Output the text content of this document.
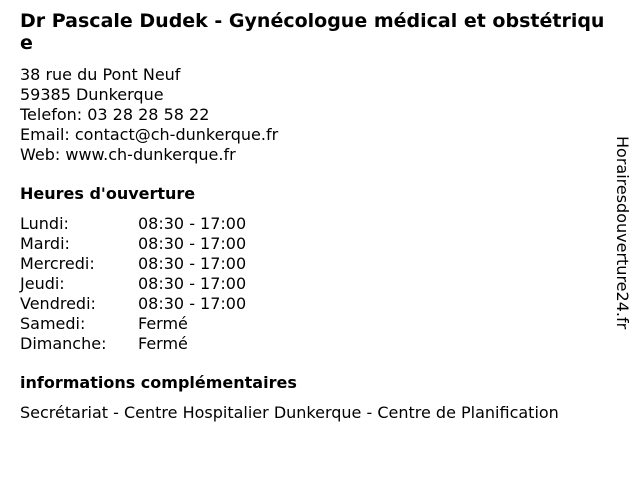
Dr Pascale Dudek - Gynécologue médical et obstétrique
38 rue du Pont Neuf
59385 Dunkerque
Telefon: 03 28 28 58 22
Email: contact@ch-dunkerque.fr
Web: www.ch-dunkerque.fr
Heures d'ouverture
Lundi:	08:30 - 17:00
Mardi:	08:30 - 17:00
Mercredi:	08:30 - 17:00
Jeudi:	08:30 - 17:00
Vendredi:	08:30 - 17:00
Samedi:	Fermé
Dimanche: Fermé
informations complémentaires
Secrétariat - Centre Hospitalier Dunkerque - Centre de Planification
Horairesdouverture24.fr
